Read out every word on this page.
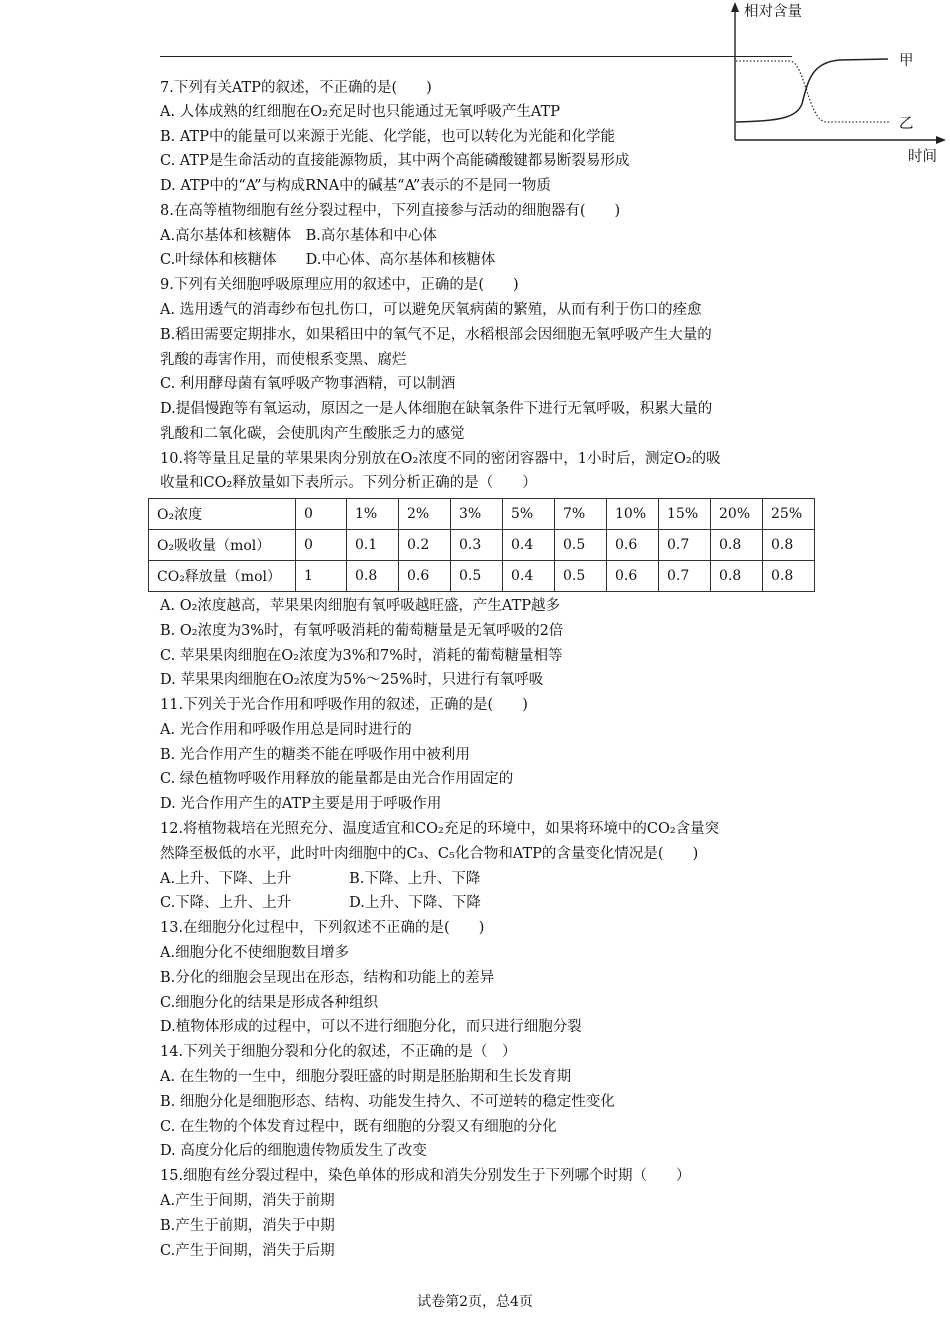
相对含量
时间
甲
乙
7.下列有关ATP的叙述，不正确的是(　　)
A. 人体成熟的红细胞在O₂充足时也只能通过无氧呼吸产生ATP
B. ATP中的能量可以来源于光能、化学能，也可以转化为光能和化学能
C. ATP是生命活动的直接能源物质，其中两个高能磷酸键都易断裂易形成
D. ATP中的“A”与构成RNA中的碱基“A”表示的不是同一物质
8.在高等植物细胞有丝分裂过程中，下列直接参与活动的细胞器有(　　)
A.高尔基体和核糖体　B.高尔基体和中心体
C.叶绿体和核糖体　　D.中心体、高尔基体和核糖体
9.下列有关细胞呼吸原理应用的叙述中，正确的是(　　)
A. 选用透气的消毒纱布包扎伤口，可以避免厌氧病菌的繁殖，从而有利于伤口的痊愈
B.稻田需要定期排水，如果稻田中的氧气不足，水稻根部会因细胞无氧呼吸产生大量的
乳酸的毒害作用，而使根系变黑、腐烂
C. 利用酵母菌有氧呼吸产物事酒精，可以制酒
D.提倡慢跑等有氧运动，原因之一是人体细胞在缺氧条件下进行无氧呼吸，积累大量的
乳酸和二氧化碳，会使肌肉产生酸胀乏力的感觉
10.将等量且足量的苹果果肉分别放在O₂浓度不同的密闭容器中，1小时后，测定O₂的吸
收量和CO₂释放量如下表所示。下列分析正确的是（　　）
O₂浓度	0	1%	2%	3%	5%	7%	10%	15%	20%	25%
O₂吸收量（mol）	0	0.1	0.2	0.3	0.4	0.5	0.6	0.7	0.8	0.8
CO₂释放量（mol）	1	0.8	0.6	0.5	0.4	0.5	0.6	0.7	0.8	0.8
A. O₂浓度越高，苹果果肉细胞有氧呼吸越旺盛，产生ATP越多
B. O₂浓度为3%时，有氧呼吸消耗的葡萄糖量是无氧呼吸的2倍
C. 苹果果肉细胞在O₂浓度为3%和7%时，消耗的葡萄糖量相等
D. 苹果果肉细胞在O₂浓度为5%～25%时，只进行有氧呼吸
11.下列关于光合作用和呼吸作用的叙述，正确的是(　　)
A. 光合作用和呼吸作用总是同时进行的
B. 光合作用产生的糖类不能在呼吸作用中被利用
C. 绿色植物呼吸作用释放的能量都是由光合作用固定的
D. 光合作用产生的ATP主要是用于呼吸作用
12.将植物栽培在光照充分、温度适宜和CO₂充足的环境中，如果将环境中的CO₂含量突
然降至极低的水平，此时叶肉细胞中的C₃、C₅化合物和ATP的含量变化情况是(　　)
A.上升、下降、上升　　　　B.下降、上升、下降
C.下降、上升、上升　　　　D.上升、下降、下降
13.在细胞分化过程中，下列叙述不正确的是(　　)
A.细胞分化不使细胞数目增多
B.分化的细胞会呈现出在形态，结构和功能上的差异
C.细胞分化的结果是形成各种组织
D.植物体形成的过程中，可以不进行细胞分化，而只进行细胞分裂
14.下列关于细胞分裂和分化的叙述，不正确的是（　）
A. 在生物的一生中，细胞分裂旺盛的时期是胚胎期和生长发育期
B. 细胞分化是细胞形态、结构、功能发生持久、不可逆转的稳定性变化
C. 在生物的个体发育过程中，既有细胞的分裂又有细胞的分化
D. 高度分化后的细胞遗传物质发生了改变
15.细胞有丝分裂过程中，染色单体的形成和消失分别发生于下列哪个时期（　　）
A.产生于间期，消失于前期
B.产生于前期，消失于中期
C.产生于间期，消失于后期
试卷第2页，总4页
